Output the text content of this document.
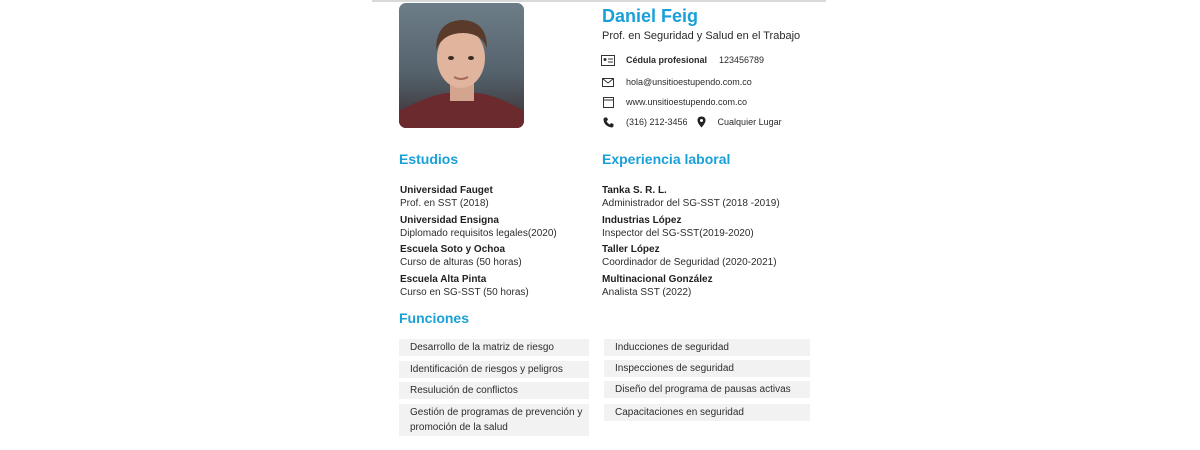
Daniel Feig
Prof. en Seguridad y Salud en el Trabajo
Cédula profesional 123456789
hola@unsitioestupendo.com.co
www.unsitioestupendo.com.co
(316) 212-3456	Cualquier Lugar
Estudios
Universidad Fauget
Prof. en SST (2018)
Universidad Ensigna
Diplomado requisitos legales(2020)
Escuela Soto y Ochoa
Curso de alturas (50 horas)
Escuela Alta Pinta
Curso en SG-SST (50 horas)
Experiencia laboral
Tanka S. R. L.
Administrador del SG-SST (2018 -2019)
Industrias López
Inspector del SG-SST(2019-2020)
Taller López
Coordinador de Seguridad (2020-2021)
Multinacional González
Analista SST (2022)
Funciones
Desarrollo de la matriz de riesgo
Identificación de riesgos y peligros
Resulución de conflictos
Gestión de programas de prevención y promoción de la salud
Inducciones de seguridad
Inspecciones de seguridad
Diseño del programa de pausas activas
Capacitaciones en seguridad
